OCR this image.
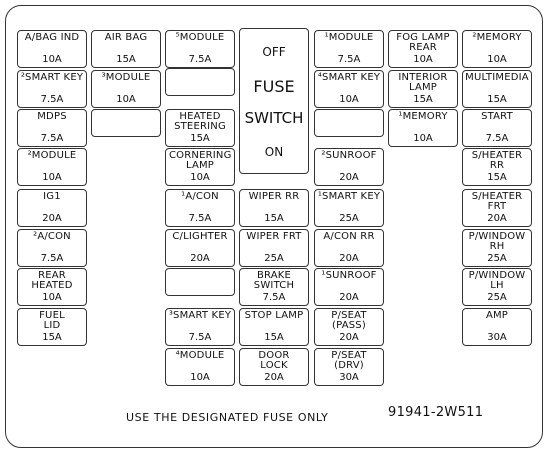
A/BAG IND
10A
AIR BAG
15A
⁵MODULE
7.5A
¹MODULE
7.5A
FOG LAMP REAR
10A
²MEMORY
10A
OFF
FUSE
SWITCH
ON
²SMART KEY
7.5A
³MODULE
10A
⁴SMART KEY
10A
INTERIOR LAMP
15A
MULTIMEDIA
15A
MDPS
7.5A
HEATED STEERING
15A
¹MEMORY
10A
START
7.5A
²MODULE
10A
CORNERING LAMP
10A
²SUNROOF
20A
S/HEATER RR
15A
IG1
20A
¹A/CON
7.5A
WIPER RR
15A
¹SMART KEY
25A
S/HEATER FRT
20A
²A/CON
7.5A
C/LIGHTER
20A
WIPER FRT
25A
A/CON RR
20A
P/WINDOW RH
25A
REAR HEATED
10A
BRAKE SWITCH
7.5A
¹SUNROOF
20A
P/WINDOW LH
25A
FUEL LID
15A
³SMART KEY
7.5A
STOP LAMP
15A
P/SEAT (PASS)
20A
AMP
30A
⁴MODULE
10A
DOOR LOCK
20A
P/SEAT (DRV)
30A
USE THE DESIGNATED FUSE ONLY	91941-2W511
